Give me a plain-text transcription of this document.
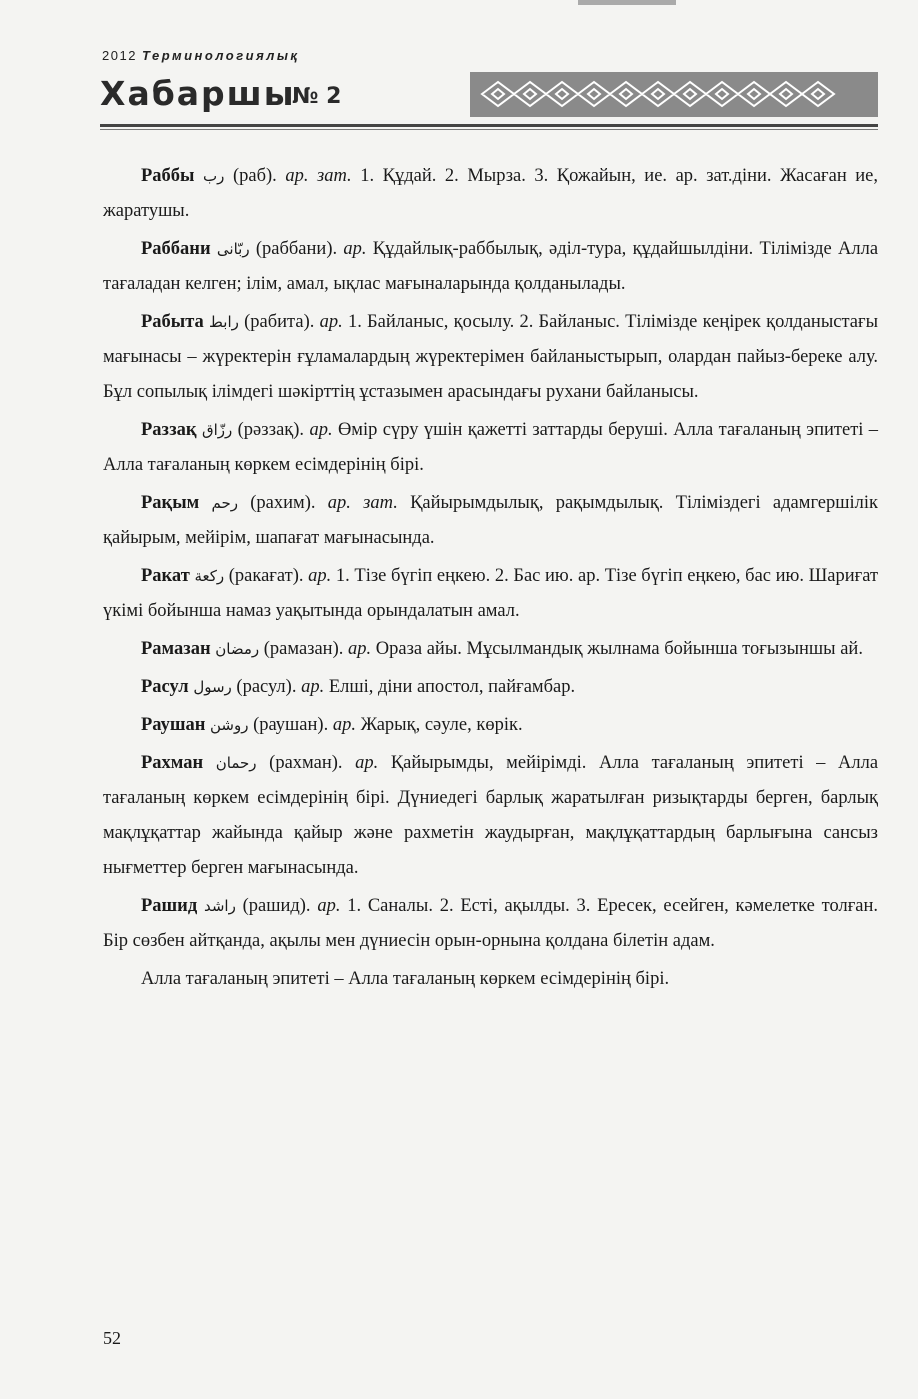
2012 Терминологиялық
Хабаршы
№ 2

Раббы رب (раб). ар. зат. 1. Құдай. 2. Мырза. 3. Қожайын, ие. ар. зат.діни. Жасаған ие, жаратушы.

Раббани ربّانى (раббани). ар. Құдайлық-раббылық, әділ-тура, құдайшылдіни. Тілімізде Алла тағаладан келген; ілім, амал, ықлас мағыналарында қолданылады.

Рабыта رابط (рабита). ар. 1. Байланыс, қосылу. 2. Байланыс. Тілімізде кеңірек қолданыстағы мағынасы – жүректерін ғұламалардың жүректерімен байланыстырып, олардан пайыз-береке алу. Бұл сопылық ілімдегі шәкірттің ұстазымен арасындағы рухани байланысы.

Раззақ رزّاق (рәззақ). ар. Өмір сүру үшін қажетті заттарды беруші. Алла тағаланың эпитеті – Алла тағаланың көркем есімдерінің бірі.

Рақым رحم (рахим). ар. зат. Қайырымдылық, рақымдылық. Тіліміздегі адамгершілік қайырым, мейірім, шапағат мағынасында.

Ракат ركعة (ракағат). ар. 1. Тізе бүгіп еңкею. 2. Бас ию. ар. Тізе бүгіп еңкею, бас ию. Шариғат үкімі бойынша намаз уақытында орындалатын амал.

Рамазан رمضان (рамазан). ар. Ораза айы. Мұсылмандық жылнама бойынша тоғызыншы ай.

Расул رسول (расул). ар. Елші, діни апостол, пайғамбар.

Раушан روشن (раушан). ар. Жарық, сәуле, көрік.

Рахман رحمان (рахман). ар. Қайырымды, мейірімді. Алла тағаланың эпитеті – Алла тағаланың көркем есімдерінің бірі. Дүниедегі барлық жаратылған ризықтарды берген, барлық мақлұқаттар жайында қайыр және рахметін жаудырған, мақлұқаттардың барлығына сансыз нығметтер берген мағынасында.

Рашид راشد (рашид). ар. 1. Саналы. 2. Есті, ақылды. 3. Ересек, есейген, кәмелетке толған. Бір сөзбен айтқанда, ақылы мен дүниесін орын-орнына қолдана білетін адам.

Алла тағаланың эпитеті – Алла тағаланың көркем есімдерінің бірі.

52
